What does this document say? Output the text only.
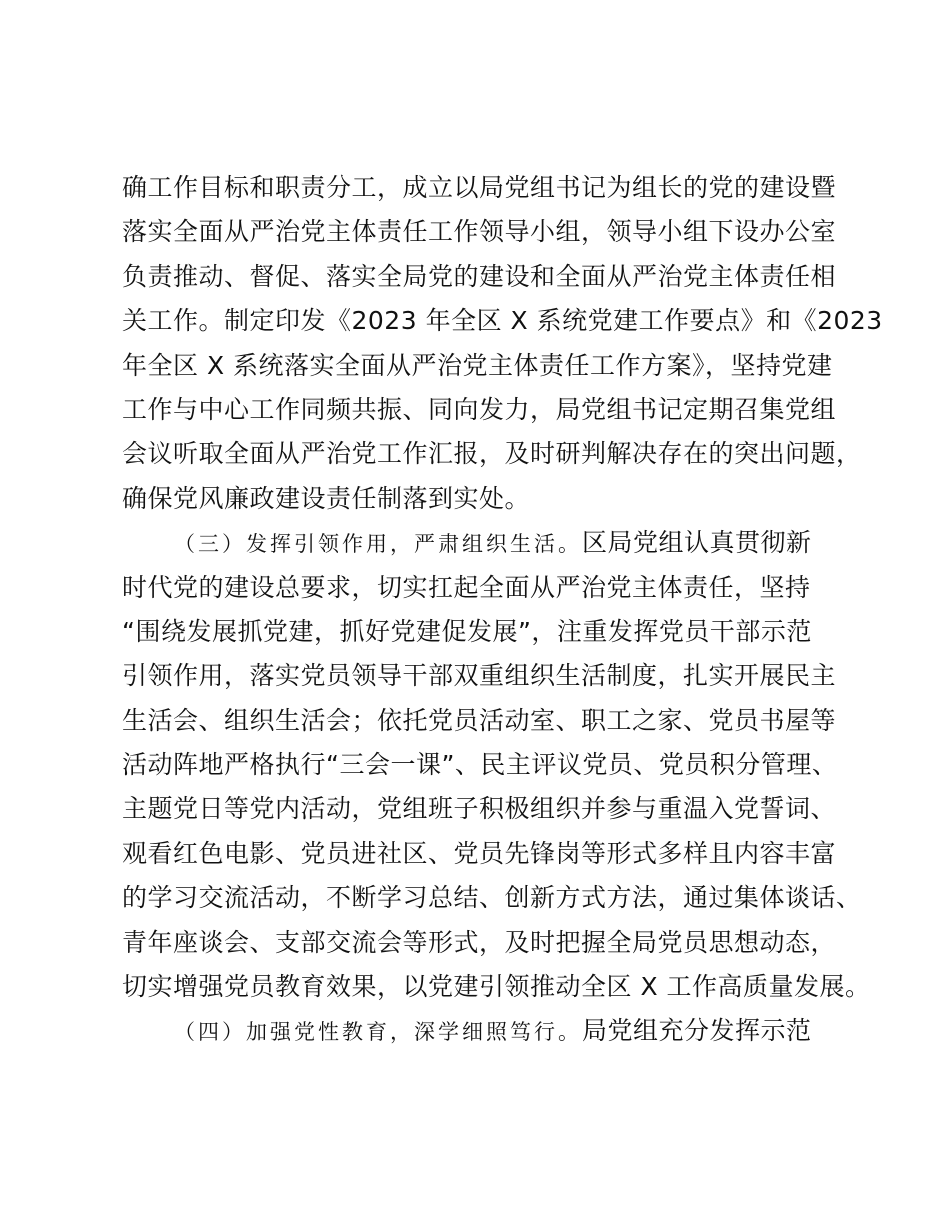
确工作目标和职责分工，成立以局党组书记为组长的党的建设暨
落实全面从严治党主体责任工作领导小组，领导小组下设办公室
负责推动、督促、落实全局党的建设和全面从严治党主体责任相
关工作。制定印发《2023 年全区 X 系统党建工作要点》和《2023
年全区 X 系统落实全面从严治党主体责任工作方案》，坚持党建
工作与中心工作同频共振、同向发力，局党组书记定期召集党组
会议听取全面从严治党工作汇报，及时研判解决存在的突出问题，
确保党风廉政建设责任制落到实处。
（三）发挥引领作用，严肃组织生活。区局党组认真贯彻新
时代党的建设总要求，切实扛起全面从严治党主体责任，坚持
“围绕发展抓党建，抓好党建促发展”，注重发挥党员干部示范
引领作用，落实党员领导干部双重组织生活制度，扎实开展民主
生活会、组织生活会；依托党员活动室、职工之家、党员书屋等
活动阵地严格执行“三会一课”、民主评议党员、党员积分管理、
主题党日等党内活动，党组班子积极组织并参与重温入党誓词、
观看红色电影、党员进社区、党员先锋岗等形式多样且内容丰富
的学习交流活动，不断学习总结、创新方式方法，通过集体谈话、
青年座谈会、支部交流会等形式，及时把握全局党员思想动态，
切实增强党员教育效果，以党建引领推动全区 X 工作高质量发展。
（四）加强党性教育，深学细照笃行。局党组充分发挥示范
